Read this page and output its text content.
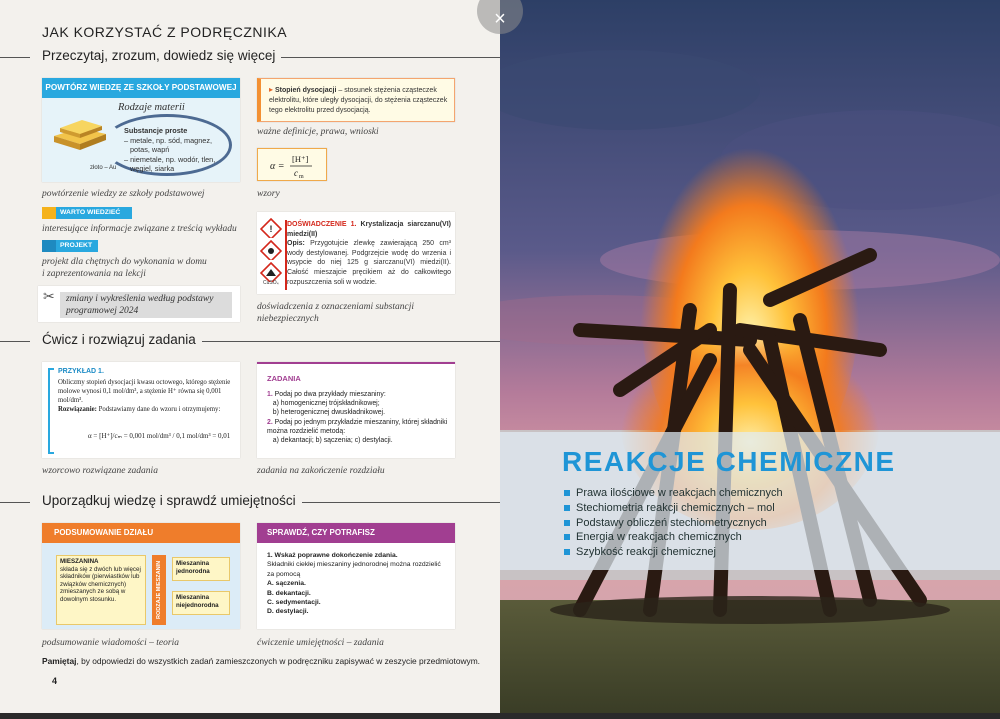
JAK KORZYSTAĆ Z PODRĘCZNIKA
Przeczytaj, zrozum, dowiedz się więcej
POWTÓRZ WIEDZĘ ZE SZKOŁY PODSTAWOWEJ
Rodzaje materii
Substancje proste
– metale, np. sód, magnez,
potas, wapń
– niemetale, np. wodór, tlen,
węgiel, siarka
złoto – Au
powtórzenie wiedzy ze szkoły podstawowej
▸ Stopień dysocjacji – stosunek stężenia cząsteczek elektrolitu, które uległy dysocjacji, do stężenia cząsteczek tego elektrolitu przed dysocjacją.
ważne definicje, prawa, wnioski
α =
[H⁺]
c m
wzory
WARTO WIEDZIEĆ
interesujące informacje związane z treścią wykładu
PROJEKT
projekt dla chętnych do wykonania w domu
i zaprezentowania na lekcji
✂	zmiany i wykreślenia według podstawy
programowej 2024
!
CuSO₄
DOŚWIADCZENIE 1. Krystalizacja siarczanu(VI) miedzi(II)
Opis: Przygotujcie zlewkę zawierającą 250 cm³ wody destylowanej. Podgrzejcie wodę do wrzenia i wsypcie do niej 125 g siarczanu(VI) miedzi(II). Całość mieszajcie pręcikiem aż do całkowitego rozpuszczenia soli w wodzie.
doświadczenia z oznaczeniami substancji
niebezpiecznych
Ćwicz i rozwiązuj zadania
PRZYKŁAD 1.
Obliczmy stopień dysocjacji kwasu octowego, którego stężenie molowe wynosi 0,1 mol/dm³, a stężenie H⁺ równa się 0,001 mol/dm³.
Rozwiązanie: Podstawiamy dane do wzoru i otrzymujemy:
α = [H⁺]/cₘ = 0,001 mol/dm³ / 0,1 mol/dm³ = 0,01
wzorcowo rozwiązane zadania
ZADANIA
1. Podaj po dwa przykłady mieszaniny:
a) homogenicznej trójskładnikowej;
b) heterogenicznej dwuskładnikowej.
2. Podaj po jednym przykładzie mieszaniny, której składniki można rozdzielić metodą:
a) dekantacji; b) sączenia; c) destylacji.
zadania na zakończenie rozdziału
Uporządkuj wiedzę i sprawdź umiejętności
PODSUMOWANIE DZIAŁU
MIESZANINA
składa się z dwóch lub więcej składników (pierwiastków lub związków chemicznych) zmieszanych ze sobą w dowolnym stosunku.	RODZAJE MIESZANIN	Mieszanina jednorodna
Mieszanina niejednorodna
podsumowanie wiadomości – teoria
SPRAWDŹ, CZY POTRAFISZ
1. Wskaż poprawne dokończenie zdania.
Składniki ciekłej mieszaniny jednorodnej można rozdzielić za pomocą
A. sączenia.
B. dekantacji.
C. sedymentacji.
D. destylacji.
ćwiczenie umiejętności – zadania
Pamiętaj, by odpowiedzi do wszystkich zadań zamieszczonych w podręczniku zapisywać w zeszycie przedmiotowym.
4
REAKCJE CHEMICZNE
Prawa ilościowe w reakcjach chemicznych
Stechiometria reakcji chemicznych – mol
Podstawy obliczeń stechiometrycznych
Energia w reakcjach chemicznych
Szybkość reakcji chemicznej
×
